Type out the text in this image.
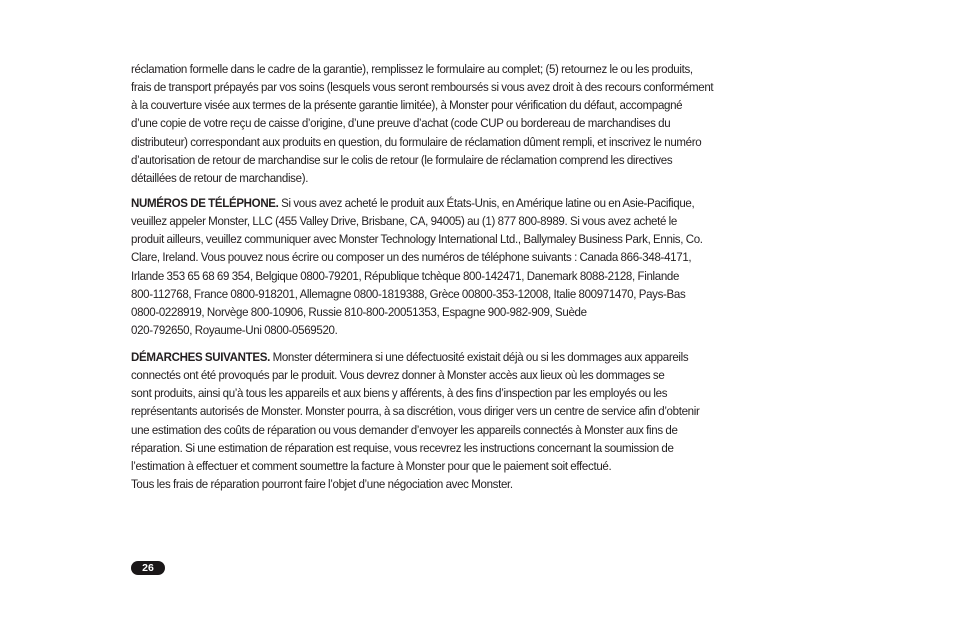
réclamation formelle dans le cadre de la garantie), remplissez le formulaire au complet; (5) retournez le ou les produits,
frais de transport prépayés par vos soins (lesquels vous seront remboursés si vous avez droit à des recours conformément
à la couverture visée aux termes de la présente garantie limitée), à Monster pour vérification du défaut, accompagné
d’une copie de votre reçu de caisse d’origine, d’une preuve d’achat (code CUP ou bordereau de marchandises du
distributeur) correspondant aux produits en question, du formulaire de réclamation dûment rempli, et inscrivez le numéro
d’autorisation de retour de marchandise sur le colis de retour (le formulaire de réclamation comprend les directives
détaillées de retour de marchandise).
NUMÉROS DE TÉLÉPHONE. Si vous avez acheté le produit aux États-Unis, en Amérique latine ou en Asie-Pacifique,
veuillez appeler Monster, LLC (455 Valley Drive, Brisbane, CA, 94005) au (1) 877 800-8989. Si vous avez acheté le
produit ailleurs, veuillez communiquer avec Monster Technology International Ltd., Ballymaley Business Park, Ennis, Co.
Clare, Ireland. Vous pouvez nous écrire ou composer un des numéros de téléphone suivants : Canada 866-348-4171,
Irlande 353 65 68 69 354, Belgique 0800-79201, République tchèque 800-142471, Danemark 8088-2128, Finlande
800-112768, France 0800-918201, Allemagne 0800-1819388, Grèce 00800-353-12008, Italie 800971470, Pays-Bas
0800-0228919, Norvège 800-10906, Russie 810-800-20051353, Espagne 900-982-909, Suède
020-792650, Royaume-Uni 0800-0569520.
DÉMARCHES SUIVANTES. Monster déterminera si une défectuosité existait déjà ou si les dommages aux appareils
connectés ont été provoqués par le produit. Vous devrez donner à Monster accès aux lieux où les dommages se
sont produits, ainsi qu’à tous les appareils et aux biens y afférents, à des fins d’inspection par les employés ou les
représentants autorisés de Monster. Monster pourra, à sa discrétion, vous diriger vers un centre de service afin d’obtenir
une estimation des coûts de réparation ou vous demander d’envoyer les appareils connectés à Monster aux fins de
réparation. Si une estimation de réparation est requise, vous recevrez les instructions concernant la soumission de
l’estimation à effectuer et comment soumettre la facture à Monster pour que le paiement soit effectué.
Tous les frais de réparation pourront faire l’objet d’une négociation avec Monster.
26
